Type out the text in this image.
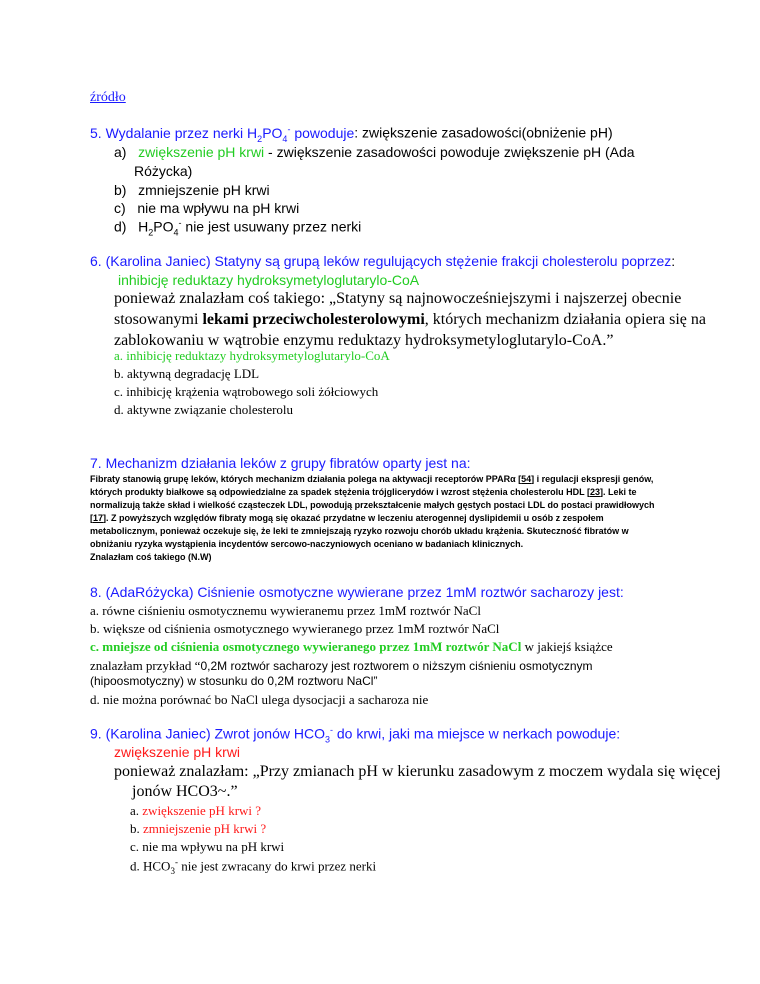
źródło
5. Wydalanie przez nerki $H_2PO_4^-$ powoduje: zwiększenie zasadowości(obniżenie pH)
a) zwiększenie pH krwi - zwiększenie zasadowości powoduje zwiększenie pH (Ada
Różycka)
b) zmniejszenie pH krwi
c) nie ma wpływu na pH krwi
d) $H_2PO_4^-$ nie jest usuwany przez nerki
6. (Karolina Janiec) Statyny są grupą leków regulujących stężenie frakcji cholesterolu poprzez:
inhibicję reduktazy hydroksymetyloglutarylo-CoA
ponieważ znalazłam coś takiego: „Statyny są najnowocześniejszymi i najszerzej obecnie
stosowanymi lekami przeciwcholesterolowymi, których mechanizm działania opiera się na
zablokowaniu w wątrobie enzymu reduktazy hydroksymetyloglutarylo-CoA.”
a. inhibicję reduktazy hydroksymetyloglutarylo-CoA
b. aktywną degradację LDL
c. inhibicję krążenia wątrobowego soli żółciowych
d. aktywne związanie cholesterolu
7. Mechanizm działania leków z grupy fibratów oparty jest na:
Fibraty stanowią grupę leków, których mechanizm działania polega na aktywacji receptorów PPARα [54] i regulacji ekspresji genów,
których produkty białkowe są odpowiedzialne za spadek stężenia trójglicerydów i wzrost stężenia cholesterolu HDL [23]. Leki te
normalizują także skład i wielkość cząsteczek LDL, powodują przekształcenie małych gęstych postaci LDL do postaci prawidłowych
[17]. Z powyższych względów fibraty mogą się okazać przydatne w leczeniu aterogennej dyslipidemii u osób z zespołem
metabolicznym, ponieważ oczekuje się, że leki te zmniejszają ryzyko rozwoju chorób układu krążenia. Skuteczność fibratów w
obniżaniu ryzyka wystąpienia incydentów sercowo-naczyniowych oceniano w badaniach klinicznych.
Znalazłam coś takiego (N.W)
8. (AdaRóżycka) Ciśnienie osmotyczne wywierane przez 1mM roztwór sacharozy jest:
a. równe ciśnieniu osmotycznemu wywieranemu przez 1mM roztwór NaCl
b. większe od ciśnienia osmotycznego wywieranego przez 1mM roztwór NaCl
c. mniejsze od ciśnienia osmotycznego wywieranego przez 1mM roztwór NaCl w jakiejś książce
znalazłam przykład “0,2M roztwór sacharozy jest roztworem o niższym ciśnieniu osmotycznym
(hipoosmotyczny) w stosunku do 0,2M roztworu NaCl”
d. nie można porównać bo NaCl ulega dysocjacji a sacharoza nie
9. (Karolina Janiec) Zwrot jonów $HCO_3^-$ do krwi, jaki ma miejsce w nerkach powoduje:
zwiększenie pH krwi
ponieważ znalazłam: „Przy zmianach pH w kierunku zasadowym z moczem wydala się więcej
jonów HCO3~.”
a. zwiększenie pH krwi ?
b. zmniejszenie pH krwi ?
c. nie ma wpływu na pH krwi
d. $HCO_3^-$ nie jest zwracany do krwi przez nerki
